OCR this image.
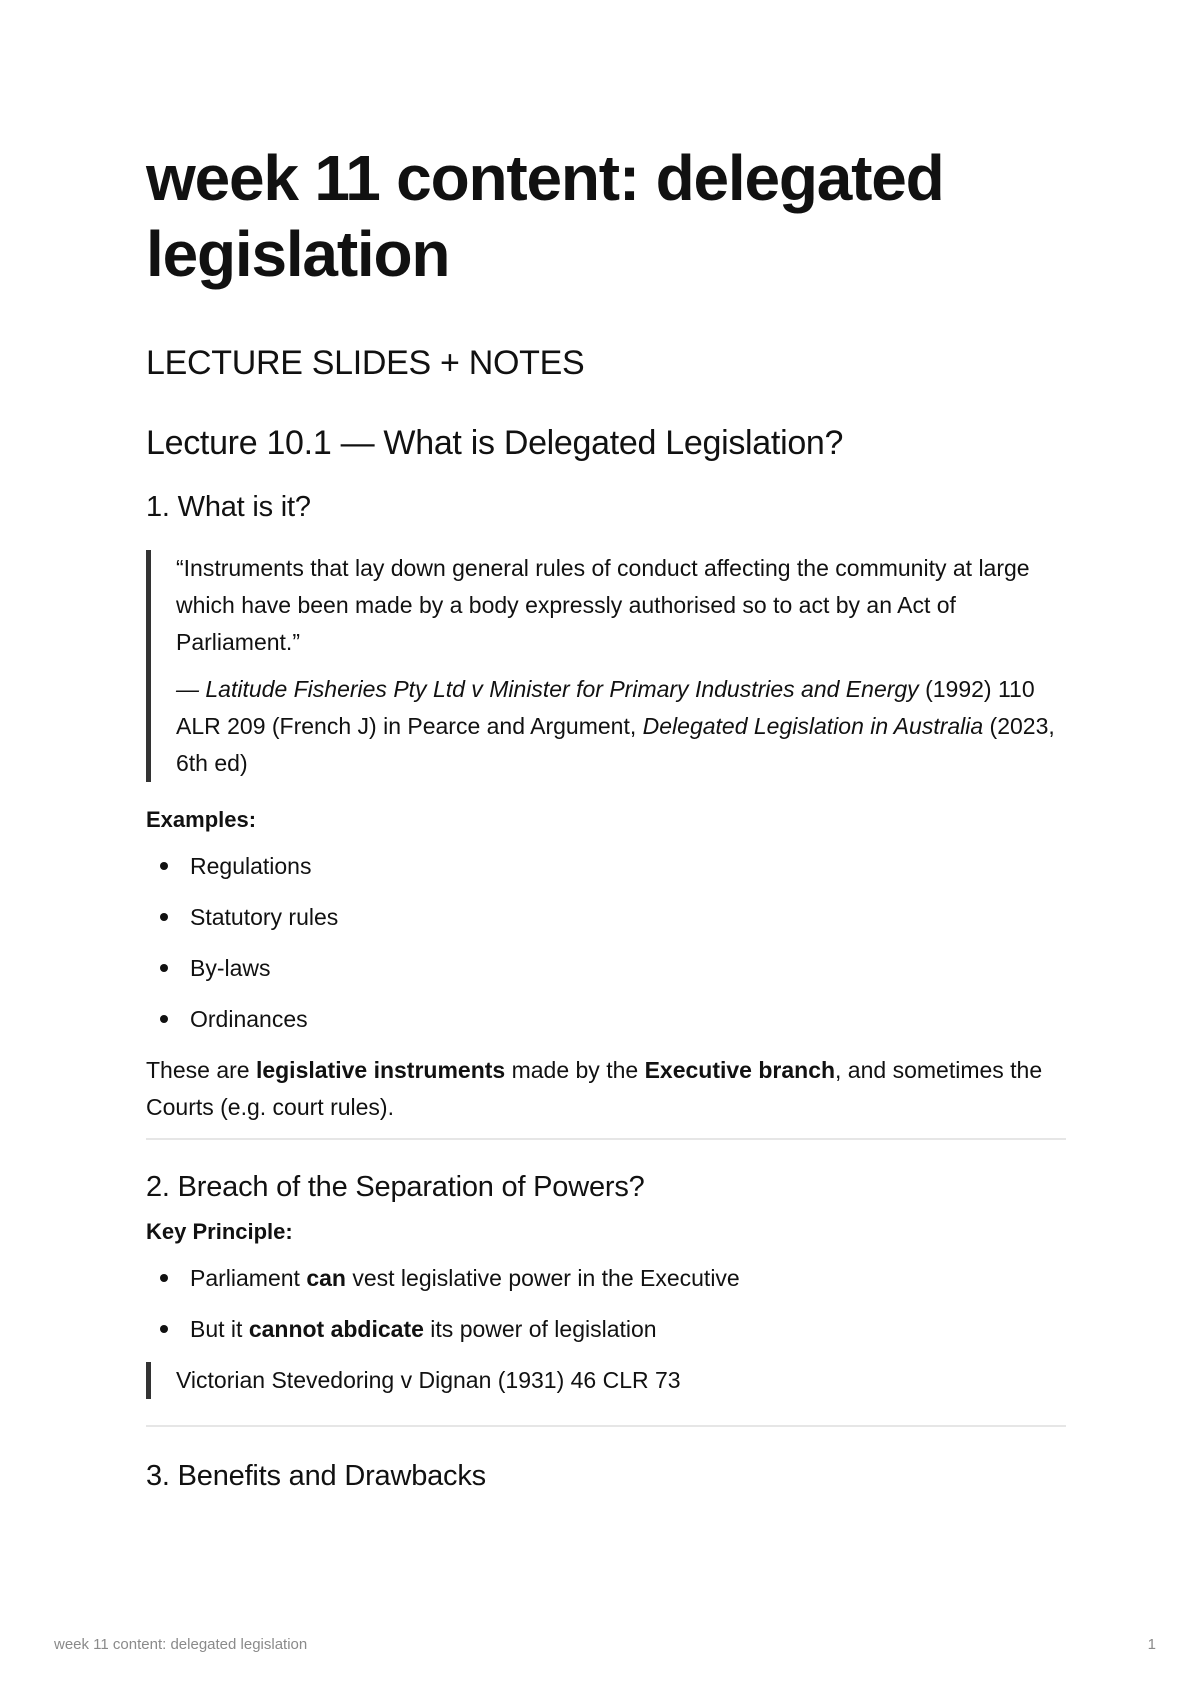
week 11 content: delegated legislation
LECTURE SLIDES + NOTES
Lecture 10.1 — What is Delegated Legislation?
1. What is it?

“Instruments that lay down general rules of conduct affecting the community at large which have been made by a body expressly authorised so to act by an Act of Parliament.”

— Latitude Fisheries Pty Ltd v Minister for Primary Industries and Energy (1992) 110 ALR 209 (French J) in Pearce and Argument, Delegated Legislation in Australia (2023, 6th ed)

Examples:
Regulations
Statutory rules
By-laws
Ordinances
These are legislative instruments made by the Executive branch, and sometimes the Courts (e.g. court rules).
2. Breach of the Separation of Powers?
Key Principle:
Parliament can vest legislative power in the Executive
But it cannot abdicate its power of legislation
Victorian Stevedoring v Dignan (1931) 46 CLR 73
3. Benefits and Drawbacks
week 11 content: delegated legislation	1
